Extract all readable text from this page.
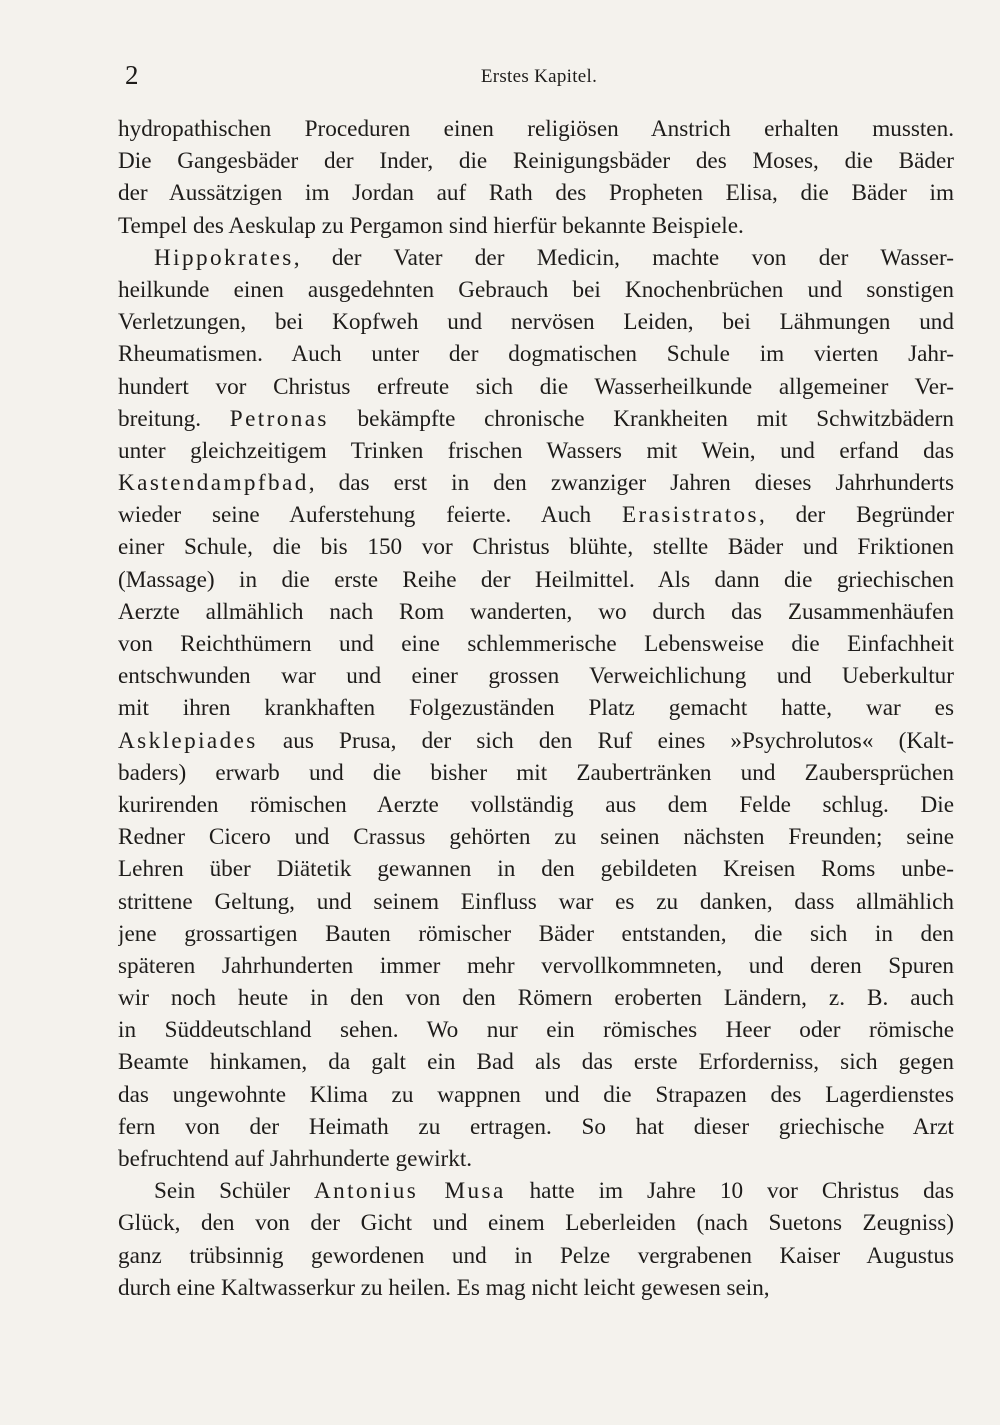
2	Erstes Kapitel.
hydropathischen Proceduren einen religiösen Anstrich erhalten mussten.
Die Gangesbäder der Inder, die Reinigungsbäder des Moses, die Bäder
der Aussätzigen im Jordan auf Rath des Propheten Elisa, die Bäder im
Tempel des Aeskulap zu Pergamon sind hierfür bekannte Beispiele.
Hippokrates, der Vater der Medicin, machte von der Wasser-
heilkunde einen ausgedehnten Gebrauch bei Knochenbrüchen und sonstigen
Verletzungen, bei Kopfweh und nervösen Leiden, bei Lähmungen und
Rheumatismen. Auch unter der dogmatischen Schule im vierten Jahr-
hundert vor Christus erfreute sich die Wasserheilkunde allgemeiner Ver-
breitung. Petronas bekämpfte chronische Krankheiten mit Schwitzbädern
unter gleichzeitigem Trinken frischen Wassers mit Wein, und erfand das
Kastendampfbad, das erst in den zwanziger Jahren dieses Jahrhunderts
wieder seine Auferstehung feierte. Auch Erasistratos, der Begründer
einer Schule, die bis 150 vor Christus blühte, stellte Bäder und Friktionen
(Massage) in die erste Reihe der Heilmittel. Als dann die griechischen
Aerzte allmählich nach Rom wanderten, wo durch das Zusammenhäufen
von Reichthümern und eine schlemmerische Lebensweise die Einfachheit
entschwunden war und einer grossen Verweichlichung und Ueberkultur
mit ihren krankhaften Folgezuständen Platz gemacht hatte, war es
Asklepiades aus Prusa, der sich den Ruf eines »Psychrolutos« (Kalt-
baders) erwarb und die bisher mit Zaubertränken und Zaubersprüchen
kurirenden römischen Aerzte vollständig aus dem Felde schlug. Die
Redner Cicero und Crassus gehörten zu seinen nächsten Freunden; seine
Lehren über Diätetik gewannen in den gebildeten Kreisen Roms unbe-
strittene Geltung, und seinem Einfluss war es zu danken, dass allmählich
jene grossartigen Bauten römischer Bäder entstanden, die sich in den
späteren Jahrhunderten immer mehr vervollkommneten, und deren Spuren
wir noch heute in den von den Römern eroberten Ländern, z. B. auch
in Süddeutschland sehen. Wo nur ein römisches Heer oder römische
Beamte hinkamen, da galt ein Bad als das erste Erforderniss, sich gegen
das ungewohnte Klima zu wappnen und die Strapazen des Lagerdienstes
fern von der Heimath zu ertragen. So hat dieser griechische Arzt
befruchtend auf Jahrhunderte gewirkt.
Sein Schüler Antonius Musa hatte im Jahre 10 vor Christus das
Glück, den von der Gicht und einem Leberleiden (nach Suetons Zeugniss)
ganz trübsinnig gewordenen und in Pelze vergrabenen Kaiser Augustus
durch eine Kaltwasserkur zu heilen. Es mag nicht leicht gewesen sein,
